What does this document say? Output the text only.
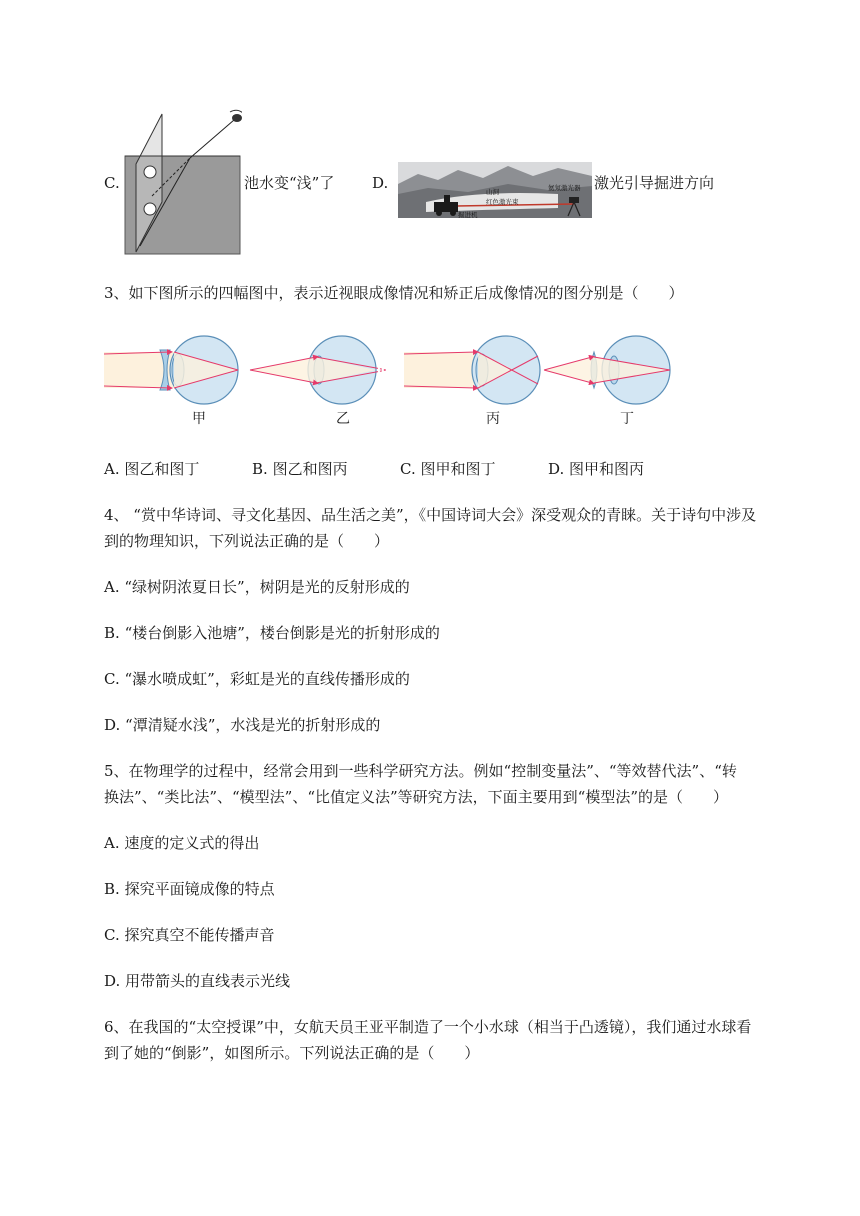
C.	池水变“浅”了	D.	山洞	氦氖激光器
红色激光束
掘进机
激光引导掘进方向
3、如下图所示的四幅图中，表示近视眼成像情况和矫正后成像情况的图分别是（　　）
甲	乙	丙	丁
A. 图乙和图丁	B. 图乙和图丙	C. 图甲和图丁	D. 图甲和图丙
4、 “赏中华诗词、寻文化基因、品生活之美”，《中国诗词大会》深受观众的青睐。关于诗句中涉及
到的物理知识，下列说法正确的是（　　）
A. “绿树阴浓夏日长”，树阴是光的反射形成的
B. “楼台倒影入池塘”，楼台倒影是光的折射形成的
C. “瀑水喷成虹”，彩虹是光的直线传播形成的
D. “潭清疑水浅”，水浅是光的折射形成的
5、在物理学的过程中，经常会用到一些科学研究方法。例如“控制变量法”、“等效替代法”、“转
换法”、“类比法”、“模型法”、“比值定义法”等研究方法，下面主要用到“模型法”的是（　　）
A. 速度的定义式的得出
B. 探究平面镜成像的特点
C. 探究真空不能传播声音
D. 用带箭头的直线表示光线
6、在我国的“太空授课”中，女航天员王亚平制造了一个小水球（相当于凸透镜），我们通过水球看
到了她的“倒影”，如图所示。下列说法正确的是（　　）
